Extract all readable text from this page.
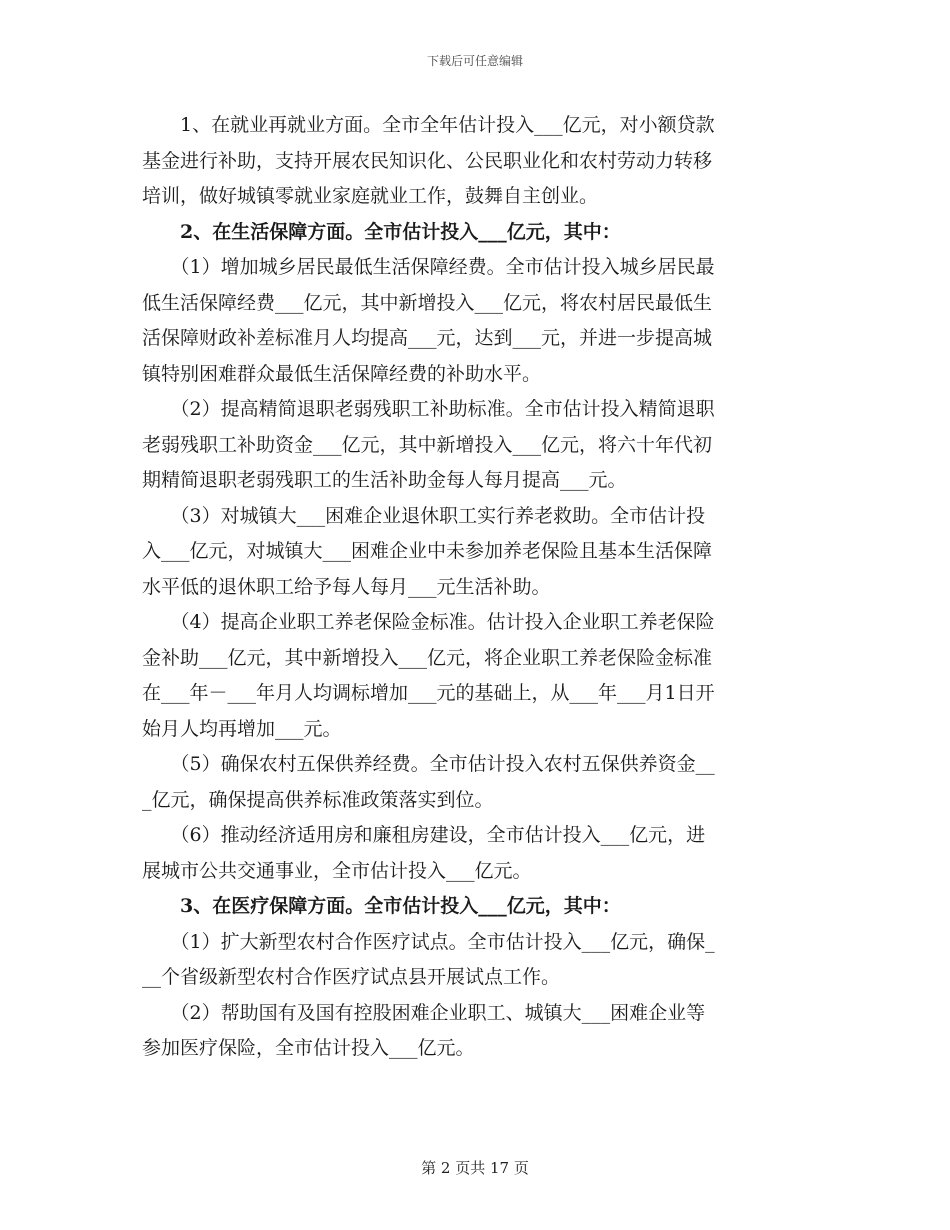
下载后可任意编辑
　　1、在就业再就业方面。全市全年估计投入___亿元，对小额贷款
基金进行补助，支持开展农民知识化、公民职业化和农村劳动力转移
培训，做好城镇零就业家庭就业工作，鼓舞自主创业。
　　2、在生活保障方面。全市估计投入___亿元，其中：
　　（1）增加城乡居民最低生活保障经费。全市估计投入城乡居民最
低生活保障经费___亿元，其中新增投入___亿元，将农村居民最低生
活保障财政补差标准月人均提高___元，达到___元，并进一步提高城
镇特别困难群众最低生活保障经费的补助水平。
　　（2）提高精简退职老弱残职工补助标准。全市估计投入精简退职
老弱残职工补助资金___亿元，其中新增投入___亿元，将六十年代初
期精简退职老弱残职工的生活补助金每人每月提高___元。
　　（3）对城镇大___困难企业退休职工实行养老救助。全市估计投
入___亿元，对城镇大___困难企业中未参加养老保险且基本生活保障
水平低的退休职工给予每人每月___元生活补助。
　　（4）提高企业职工养老保险金标准。估计投入企业职工养老保险
金补助___亿元，其中新增投入___亿元，将企业职工养老保险金标准
在___年－___年月人均调标增加___元的基础上，从___年___月1日开
始月人均再增加___元。
　　（5）确保农村五保供养经费。全市估计投入农村五保供养资金__
_亿元，确保提高供养标准政策落实到位。
　　（6）推动经济适用房和廉租房建设，全市估计投入___亿元，进
展城市公共交通事业，全市估计投入___亿元。
　　3、在医疗保障方面。全市估计投入___亿元，其中：
　　（1）扩大新型农村合作医疗试点。全市估计投入___亿元，确保_
__个省级新型农村合作医疗试点县开展试点工作。
　　（2）帮助国有及国有控股困难企业职工、城镇大___困难企业等
参加医疗保险，全市估计投入___亿元。
第 2 页共 17 页
